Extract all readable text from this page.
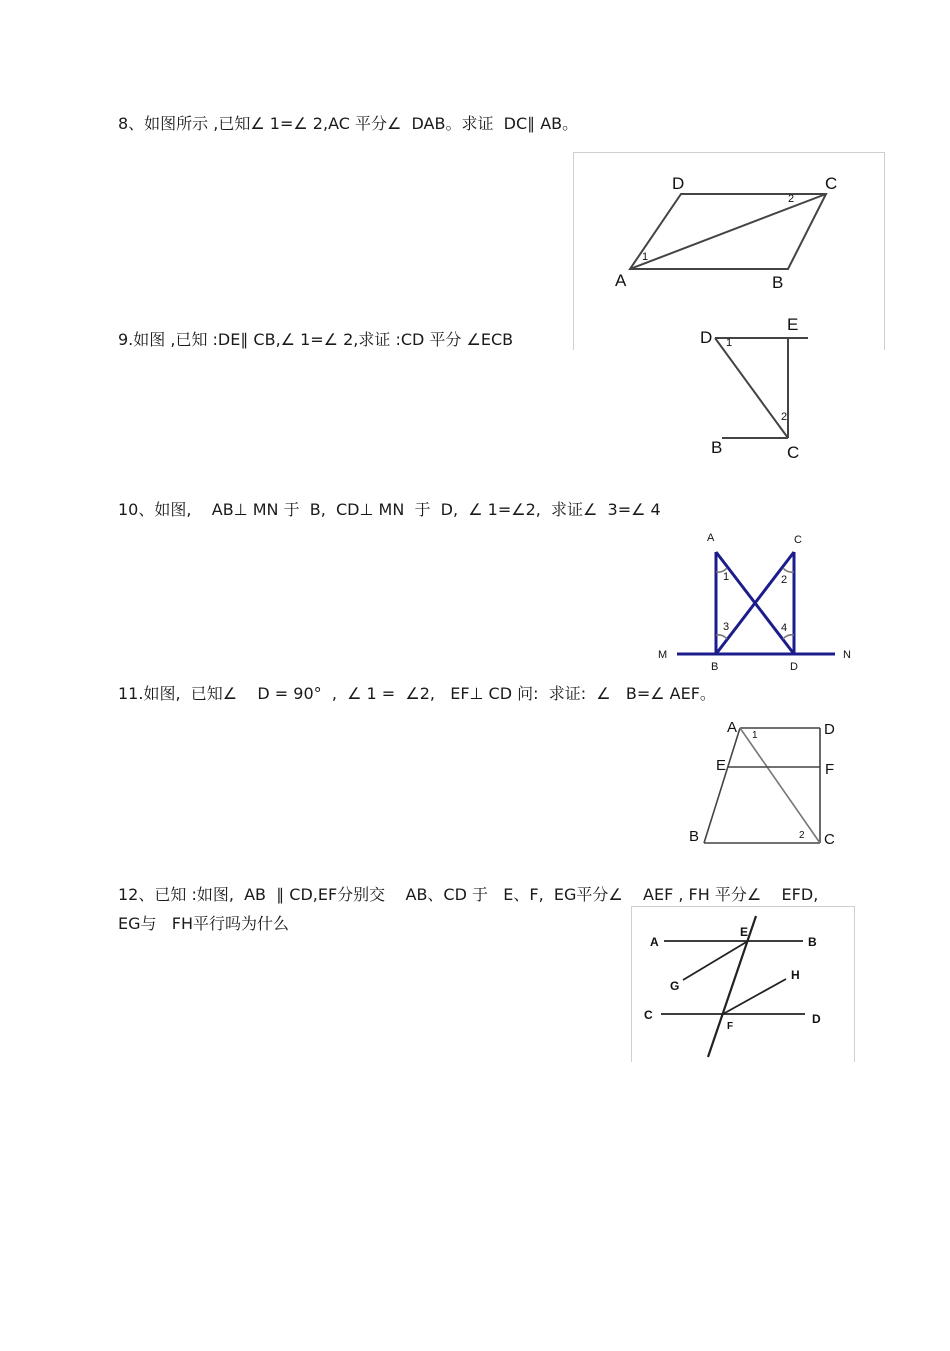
8、如图所示 ,已知∠ 1=∠ 2,AC 平分∠  DAB。求证  DC∥ AB。
D	C
A	B
1
2
9.如图 ,已知 :DE∥ CB,∠ 1=∠ 2,求证 :CD 平分 ∠ECB	D
E
B	C
1
2
10、如图,    AB⊥ MN 于  B,  CD⊥ MN  于  D,  ∠ 1=∠2,  求证∠  3=∠ 4
A	C
M
B	D
N
1	2
3	4
11.如图,  已知∠    D = 90°  ,  ∠ 1 =  ∠2,   EF⊥ CD 问:  求证:  ∠   B=∠ AEF。
A	D
E	F
B	C
1
2
12、已知 :如图,  AB  ∥ CD,EF分别交    AB、CD 于   E、F,  EG平分∠    AEF , FH 平分∠    EFD,
EG与   FH平行吗为什么
A
E
B
G
H
C
F
D
